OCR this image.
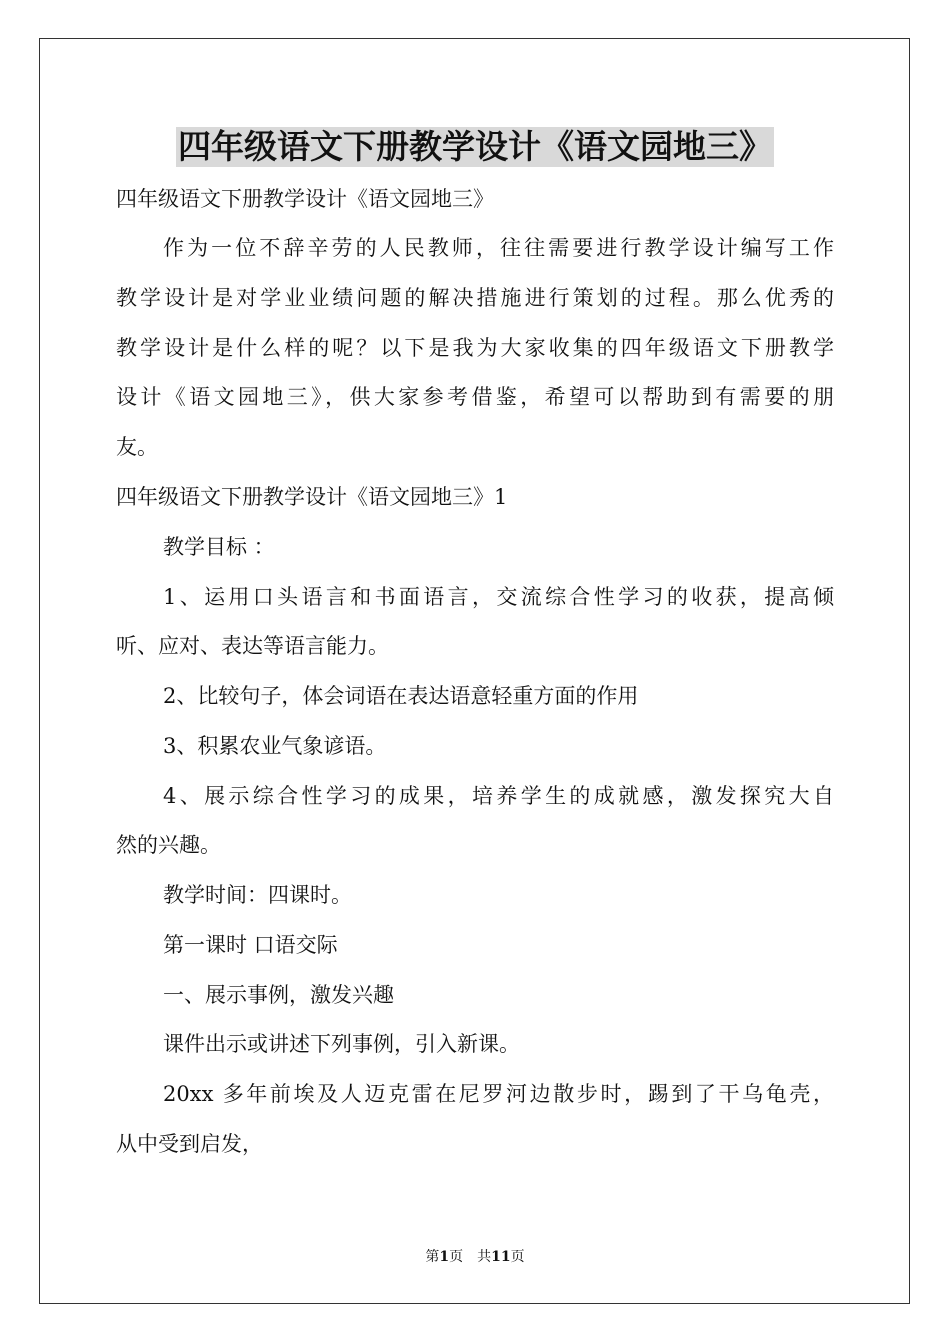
四年级语文下册教学设计《语文园地三》
四年级语文下册教学设计《语文园地三》
作为一位不辞辛劳的人民教师，往往需要进行教学设计编写工作
教学设计是对学业业绩问题的解决措施进行策划的过程。那么优秀的
教学设计是什么样的呢？以下是我为大家收集的四年级语文下册教学
设计《语文园地三》，供大家参考借鉴，希望可以帮助到有需要的朋
友。
四年级语文下册教学设计《语文园地三》1
教学目标 ：
1、运用口头语言和书面语言，交流综合性学习的收获，提高倾
听、应对、表达等语言能力。
2、比较句子，体会词语在表达语意轻重方面的作用
3、积累农业气象谚语。
4、展示综合性学习的成果，培养学生的成就感，激发探究大自
然的兴趣。
教学时间：四课时。
第一课时 口语交际
一、展示事例，激发兴趣
课件出示或讲述下列事例，引入新课。
20xx 多年前埃及人迈克雷在尼罗河边散步时，踢到了干乌龟壳，
从中受到启发，
第1页　共11页
